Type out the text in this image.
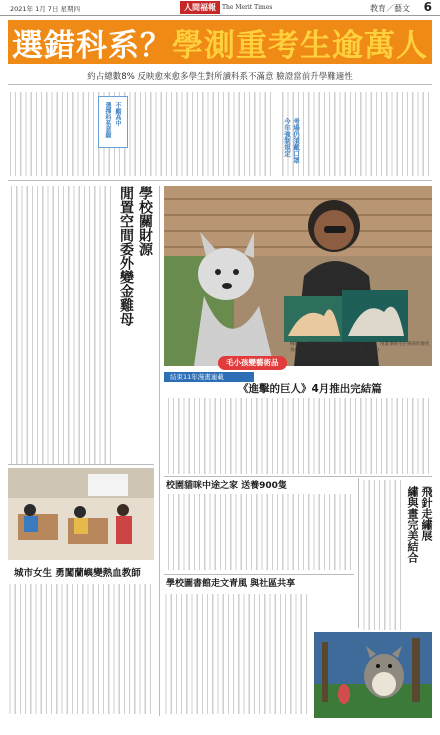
2021年 1月 7日 星期四	人間福報	The Merit Times	教育／藝文 6
選錯科系？ 學測重考生逾萬人
約占總數8% 反映愈來愈多學生對所讀科系不滿意 臉證當前升學難適性
考場仍須戴口罩
今年強制規定
不顧高中
選擇科系意願
學校關財源
閒置空間委外變金雞母
毛小孩變藝術品
桃園高中畢業學生在校門口附近設立工作室，用畫筆將毛小孩的形象化為藝術品，不少飼主愛不釋手。(攝影／記者)
城市女生 勇闖蘭嶼變熱血教師
結束11年漫畫連載
《進擊的巨人》4月推出完結篇
校園貓咪中途之家 送養900隻	飛針走繡展
繡與畫完美結合
學校圖書館走文青風 與社區共享
